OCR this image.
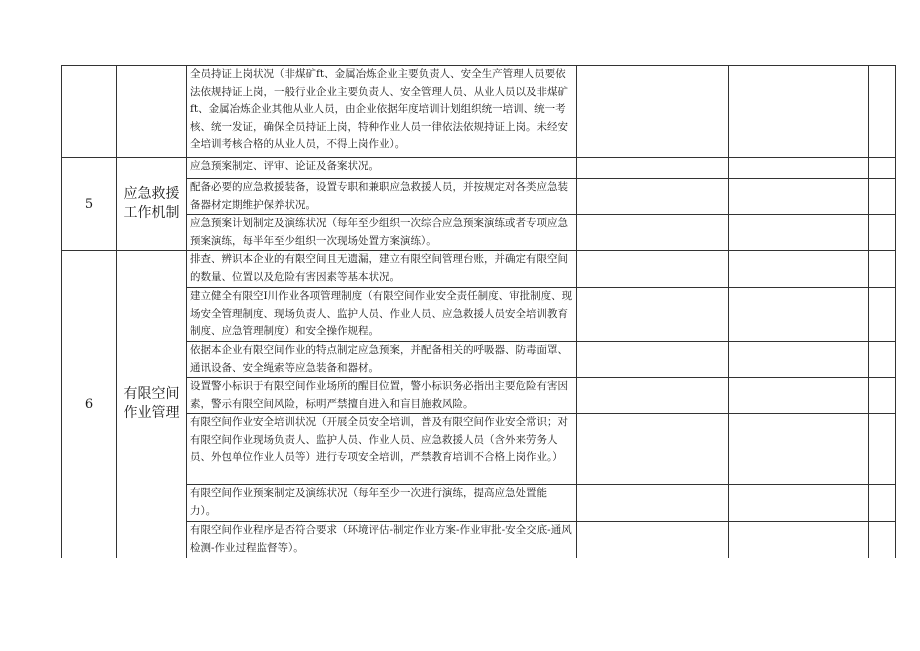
		全员持证上岗状况（非煤矿ft、金属冶炼企业主要负责人、安全生产管理人员要依法依规持证上岗，一般行业企业主要负责人、安全管理人员、从业人员以及非煤矿ft、金属冶炼企业其他从业人员，由企业依据年度培训计划组织统一培训、统一考核、统一发证，确保全员持证上岗，特种作业人员一律依法依规持证上岗。未经安全培训考核合格的从业人员，不得上岗作业）。			
5	应急救援工作机制	应急预案制定、评审、论证及备案状况。			
		配备必要的应急救援装备，设置专职和兼职应急救援人员，并按规定对各类应急装备器材定期维护保养状况。			
		应急预案计划制定及演练状况（每年至少组织一次综合应急预案演练或者专项应急预案演练，每半年至少组织一次现场处置方案演练）。			
6	有限空间作业管理	排查、辨识本企业的有限空间且无遗漏，建立有限空间管理台账，并确定有限空间的数量、位置以及危险有害因素等基本状况。			
		建立健全有限空I川作业各项管理制度（有限空间作业安全责任制度、审批制度、现场安全管理制度、现场负责人、监护人员、作业人员、应急救援人员安全培训教育制度、应急管理制度）和安全操作规程。			
		依据本企业有限空间作业的特点制定应急预案，并配备相关的呼吸器、防毒面罩、通讯设备、安全绳索等应急装备和器材。			
		设置警小标识于有限空间作业场所的醒目位置，警小标识务必指出主要危险有害因素，警示有限空间风险，标明严禁擅自进入和盲目施救风险。			
		有限空间作业安全培训状况（开展全员安全培训，普及有限空间作业安全常识；对有限空间作业现场负责人、监护人员、作业人员、应急救援人员（含外来劳务人员、外包单位作业人员等）进行专项安全培训，严禁教育培训不合格上岗作业。）			
		有限空间作业预案制定及演练状况（每年至少一次进行演练，提高应急处置能力）。			
		有限空间作业程序是否符合要求（环境评估-制定作业方案-作业审批-安全交底-通风检测-作业过程监督等）。			
